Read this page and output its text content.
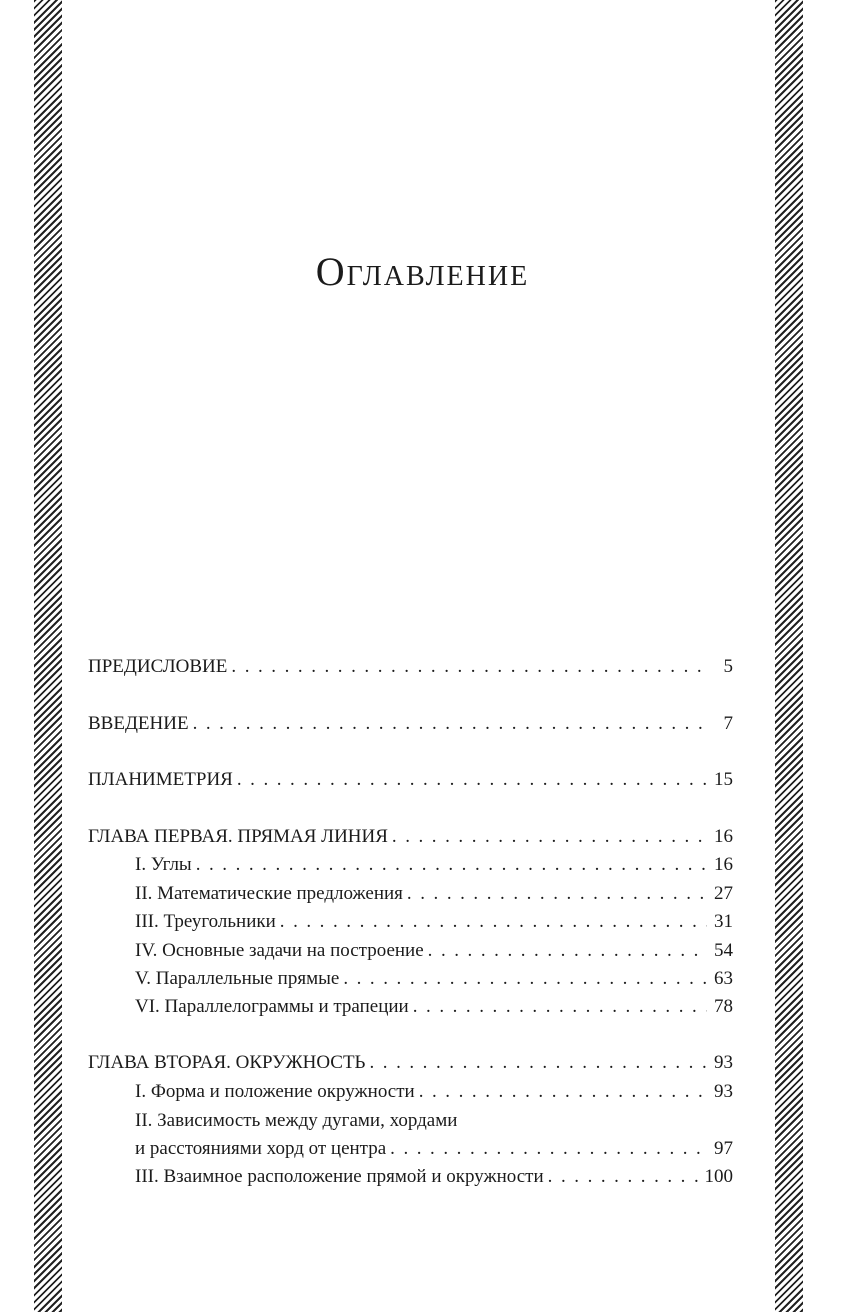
Оглавление
ПРЕДИСЛОВИЕ . . .	5
ВВЕДЕНИЕ . . .	7
ПЛАНИМЕТРИЯ . . .	15
ГЛАВА ПЕРВАЯ. ПРЯМАЯ ЛИНИЯ . . .	16
I. Углы . . .	16
II. Математические предложения . . .	27
III. Треугольники . . .	31
IV. Основные задачи на построение . . .	54
V. Параллельные прямые . . .	63
VI. Параллелограммы и трапеции . . .	78
ГЛАВА ВТОРАЯ. ОКРУЖНОСТЬ . . .	93
I. Форма и положение окружности . . .	93
II. Зависимость между дугами, хордами
и расстояниями хорд от центра . . .	97
III. Взаимное расположение прямой и окружности . . .	100
